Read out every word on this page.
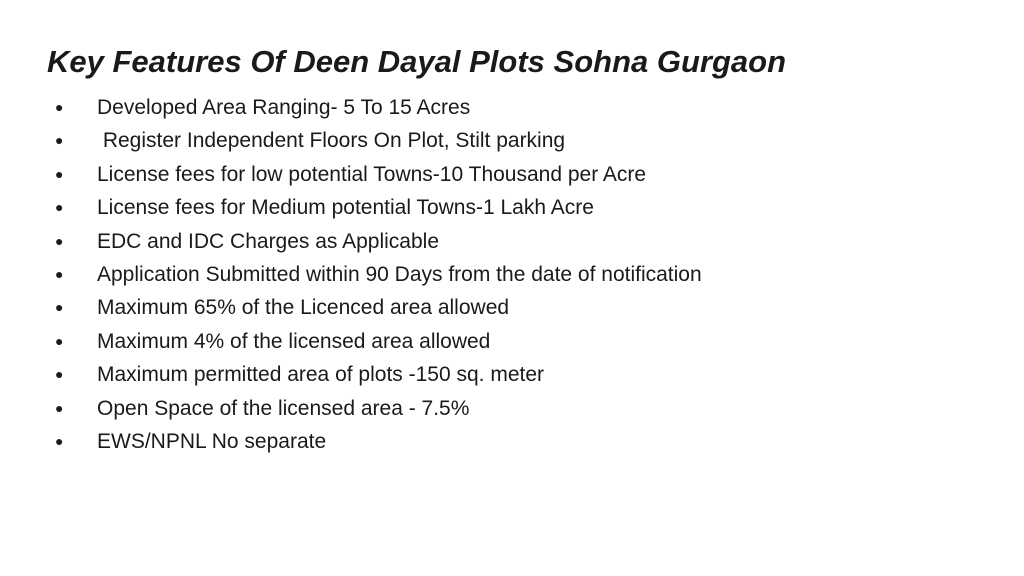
Key Features Of Deen Dayal Plots Sohna Gurgaon

●

Developed Area Ranging- 5 To 15 Acres

●

Register Independent Floors On Plot, Stilt parking

●

License fees for low potential Towns-10 Thousand per Acre

●

License fees for Medium potential Towns-1 Lakh Acre

●

EDC and IDC Charges as Applicable

●

Application Submitted within 90 Days from the date of notification

●

Maximum 65% of the Licenced area allowed

●

Maximum 4% of the licensed area allowed

●

Maximum permitted area of plots -150 sq. meter

●

Open Space of the licensed area - 7.5%

●

EWS/NPNL No separate
